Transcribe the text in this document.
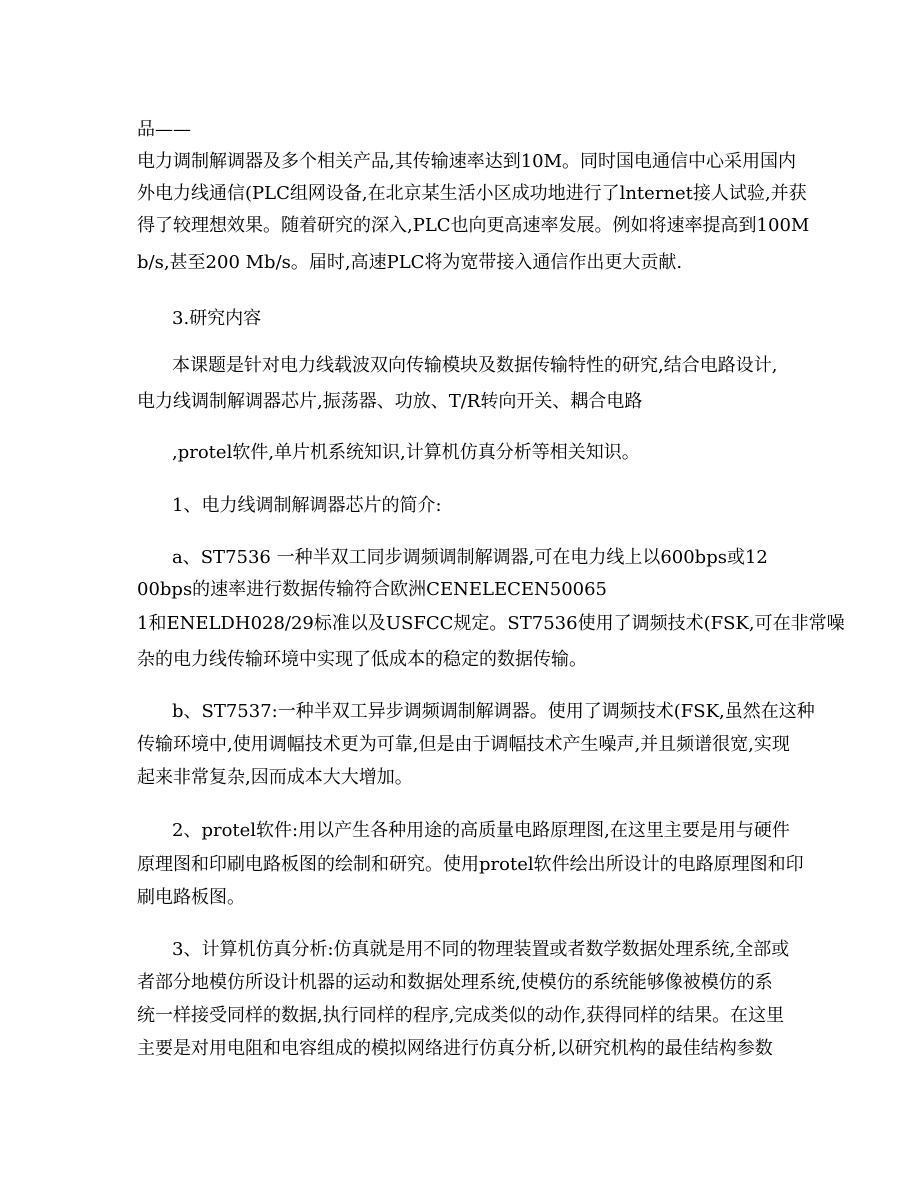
品——
电力调制解调器及多个相关产品,其传输速率达到10M。同时国电通信中心采用国内
外电力线通信(PLC组网设备,在北京某生活小区成功地进行了lnternet接人试验,并获
得了较理想效果。随着研究的深入,PLC也向更高速率发展。例如将速率提高到100M
b/s,甚至200 Mb/s。届时,高速PLC将为宽带接入通信作出更大贡献.
3.研究内容
本课题是针对电力线载波双向传输模块及数据传输特性的研究,结合电路设计,
电力线调制解调器芯片,振荡器、功放、T/R转向开关、耦合电路
,protel软件,单片机系统知识,计算机仿真分析等相关知识。
1、电力线调制解调器芯片的简介:
a、ST7536 一种半双工同步调频调制解调器,可在电力线上以600bps或12
00bps的速率进行数据传输符合欧洲CENELECEN50065
1和ENELDH028/29标准以及USFCC规定。ST7536使用了调频技术(FSK,可在非常噪
杂的电力线传输环境中实现了低成本的稳定的数据传输。
b、ST7537:一种半双工异步调频调制解调器。使用了调频技术(FSK,虽然在这种
传输环境中,使用调幅技术更为可靠,但是由于调幅技术产生噪声,并且频谱很宽,实现
起来非常复杂,因而成本大大增加。
2、protel软件:用以产生各种用途的高质量电路原理图,在这里主要是用与硬件
原理图和印刷电路板图的绘制和研究。使用protel软件绘出所设计的电路原理图和印
刷电路板图。
3、计算机仿真分析:仿真就是用不同的物理装置或者数学数据处理系统,全部或
者部分地模仿所设计机器的运动和数据处理系统,使模仿的系统能够像被模仿的系
统一样接受同样的数据,执行同样的程序,完成类似的动作,获得同样的结果。在这里
主要是对用电阻和电容组成的模拟网络进行仿真分析,以研究机构的最佳结构参数
